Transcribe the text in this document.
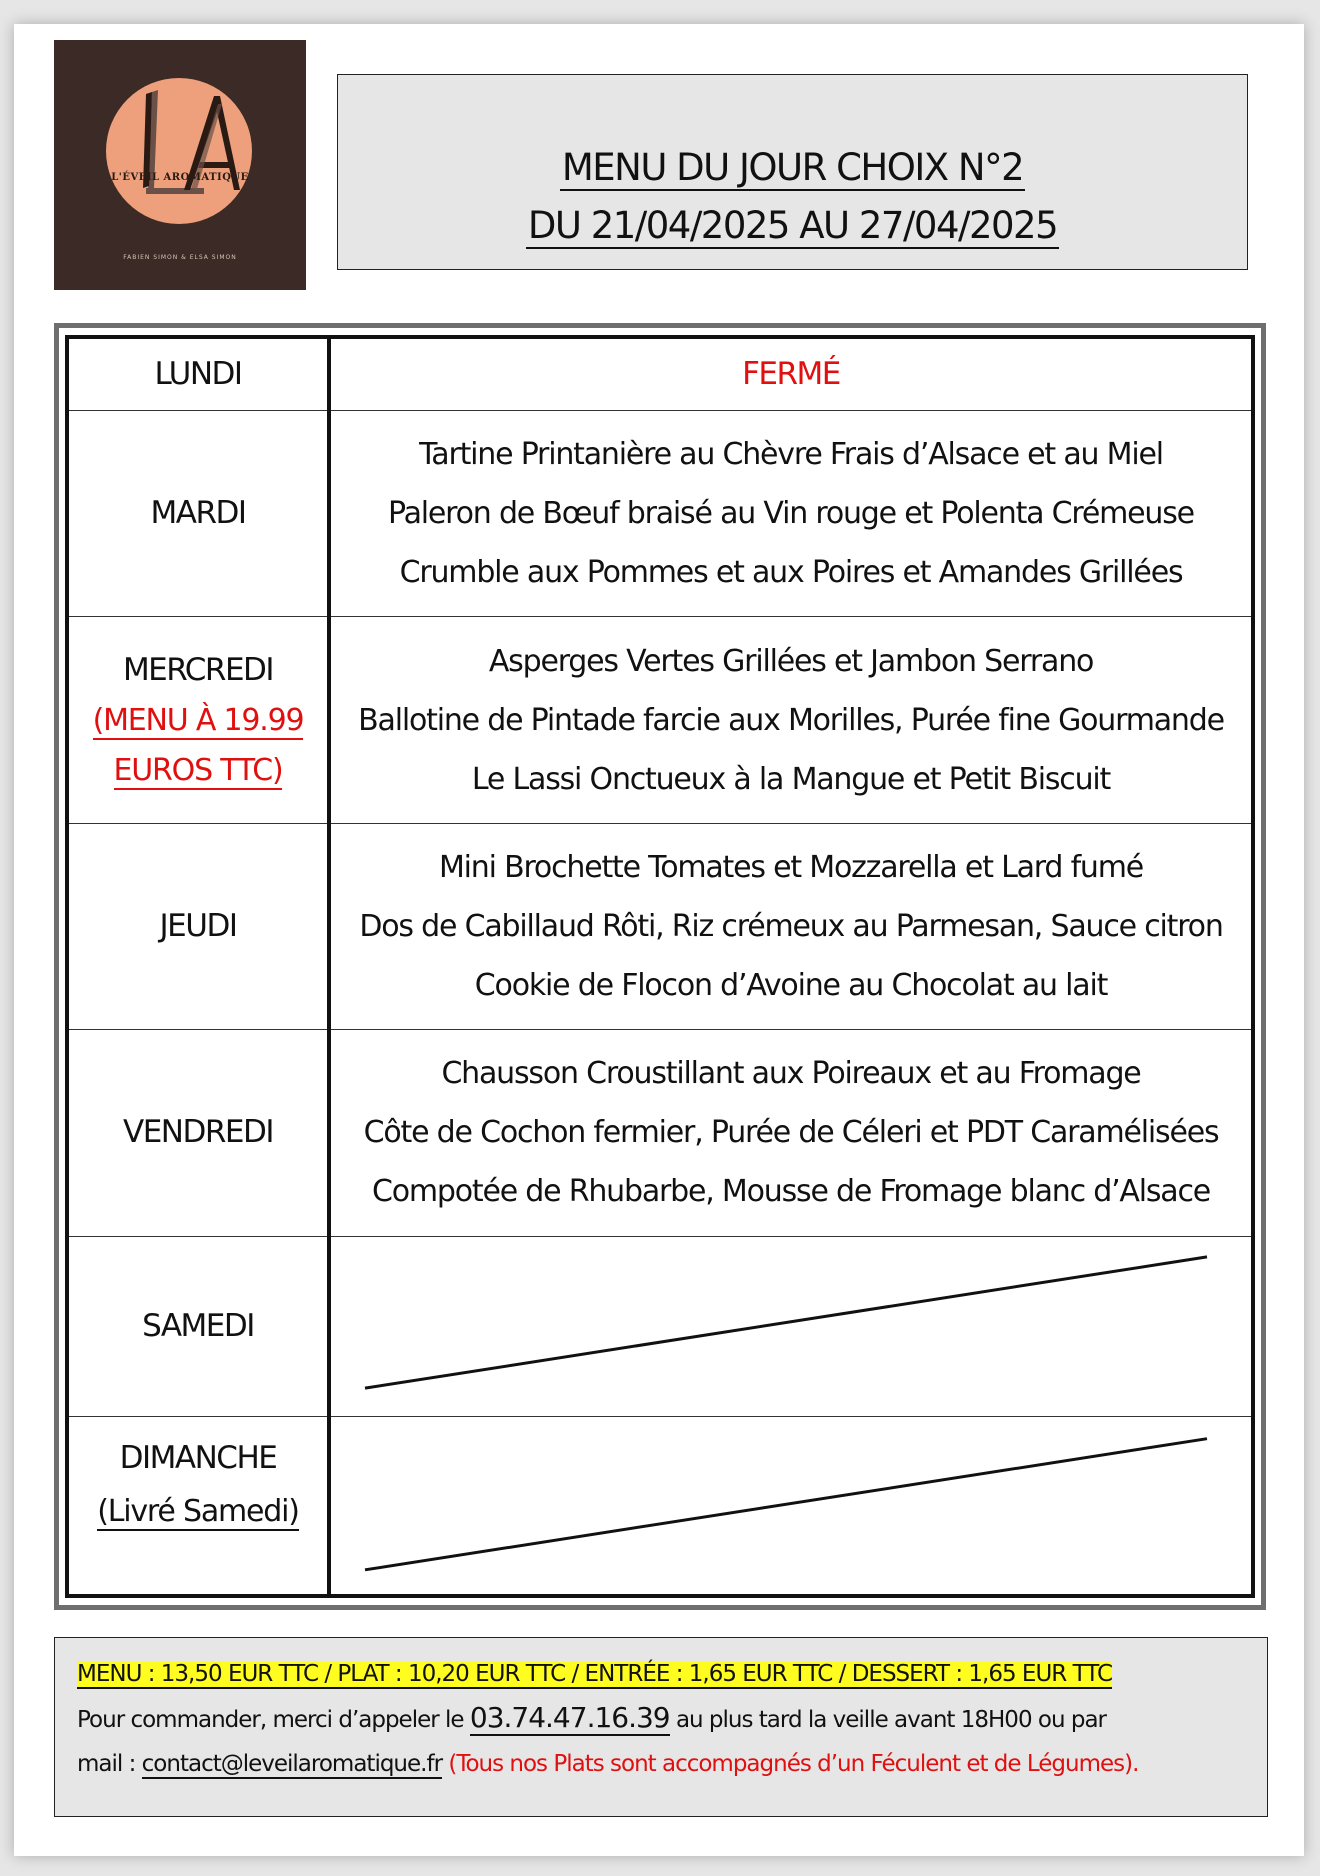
L'ÉVEIL AROMATIQUE
FABIEN SIMON & ELSA SIMON
MENU DU JOUR CHOIX N°2
DU 21/04/2025 AU 27/04/2025
LUNDI	FERMÉ
MARDI	Tartine Printanière au Chèvre Frais d’Alsace et au Miel
Paleron de Bœuf braisé au Vin rouge et Polenta Crémeuse
Crumble aux Pommes et aux Poires et Amandes Grillées

MERCREDI
(MENU À 19.99
EUROS TTC)	Asperges Vertes Grillées et Jambon Serrano
Ballotine de Pintade farcie aux Morilles, Purée fine Gourmande
Le Lassi Onctueux à la Mangue et Petit Biscuit

JEUDI	Mini Brochette Tomates et Mozzarella et Lard fumé
Dos de Cabillaud Rôti, Riz crémeux au Parmesan, Sauce citron
Cookie de Flocon d’Avoine au Chocolat au lait

VENDREDI	Chausson Croustillant aux Poireaux et au Fromage
Côte de Cochon fermier, Purée de Céleri et PDT Caramélisées
Compotée de Rhubarbe, Mousse de Fromage blanc d’Alsace

SAMEDI	

DIMANCHE
(Livré Samedi)

MENU : 13,50 EUR TTC / PLAT : 10,20 EUR TTC / ENTRÉE : 1,65 EUR TTC / DESSERT : 1,65 EUR TTC
Pour commander, merci d’appeler le 03.74.47.16.39 au plus tard la veille avant 18H00 ou par
mail : contact@leveilaromatique.fr (Tous nos Plats sont accompagnés d’un Féculent et de Légumes).
